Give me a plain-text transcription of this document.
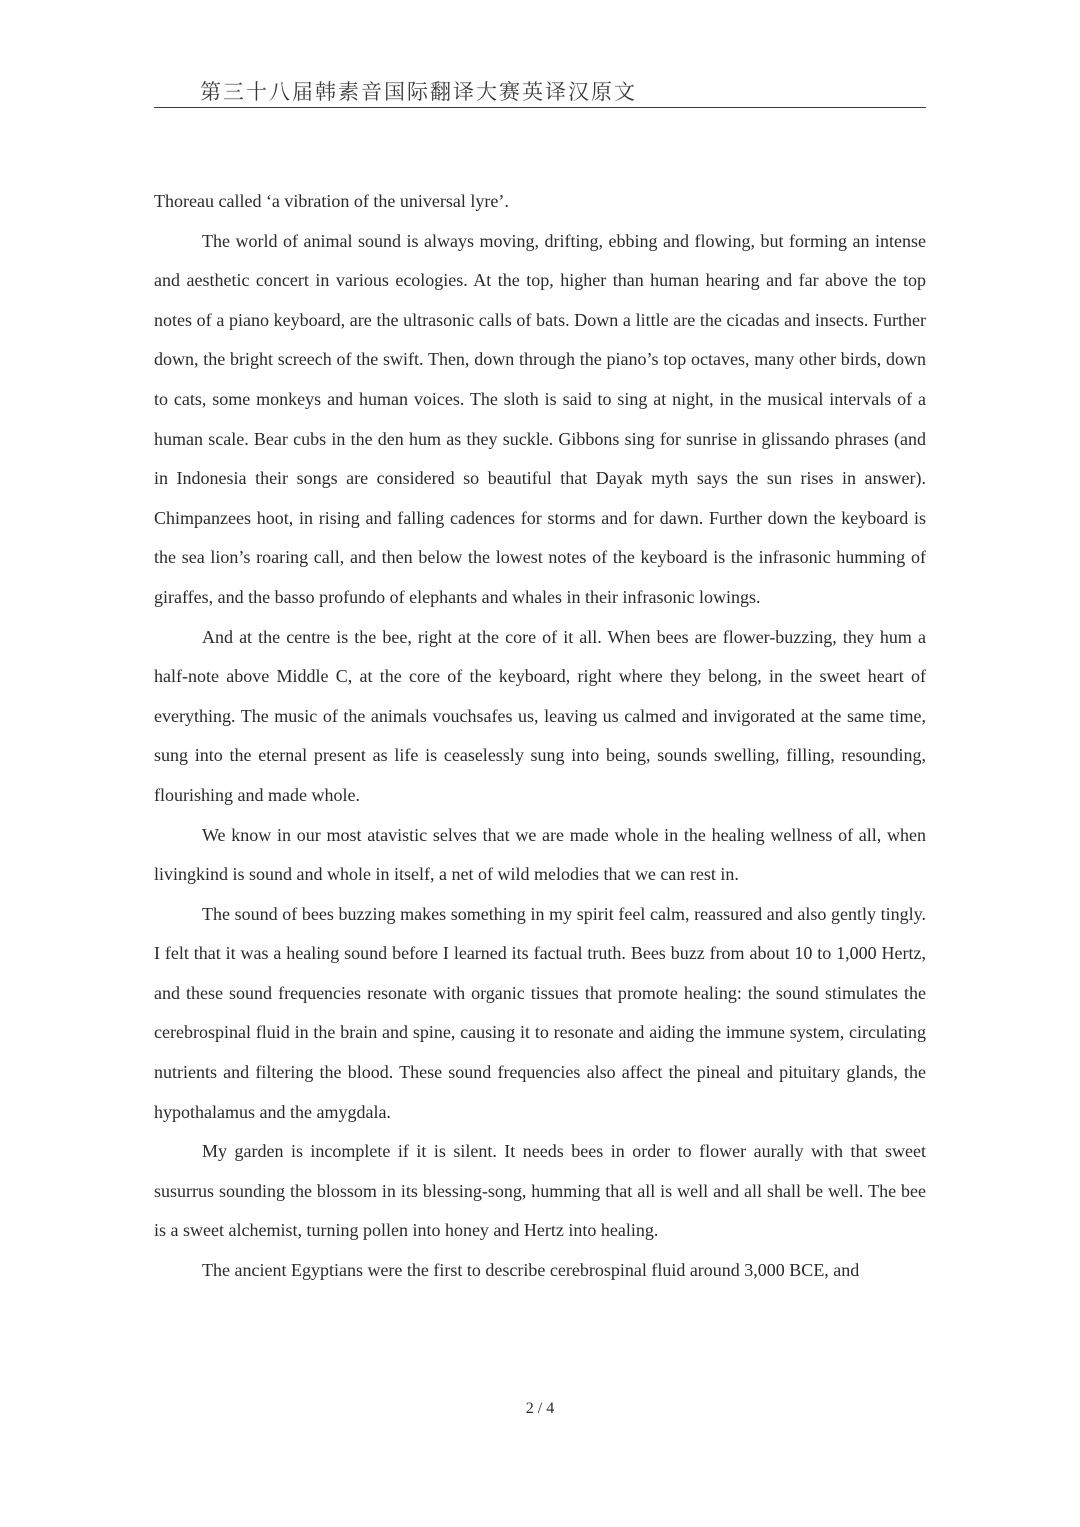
第三十八届韩素音国际翻译大赛英译汉原文

Thoreau called ‘a vibration of the universal lyre’.

The world of animal sound is always moving, drifting, ebbing and flowing, but forming an intense and aesthetic concert in various ecologies. At the top, higher than human hearing and far above the top notes of a piano keyboard, are the ultrasonic calls of bats. Down a little are the cicadas and insects. Further down, the bright screech of the swift. Then, down through the piano’s top octaves, many other birds, down to cats, some monkeys and human voices. The sloth is said to sing at night, in the musical intervals of a human scale. Bear cubs in the den hum as they suckle. Gibbons sing for sunrise in glissando phrases (and in Indonesia their songs are considered so beautiful that Dayak myth says the sun rises in answer). Chimpanzees hoot, in rising and falling cadences for storms and for dawn. Further down the keyboard is the sea lion’s roaring call, and then below the lowest notes of the keyboard is the infrasonic humming of giraffes, and the basso profundo of elephants and whales in their infrasonic lowings.

And at the centre is the bee, right at the core of it all. When bees are flower-buzzing, they hum a half-note above Middle C, at the core of the keyboard, right where they belong, in the sweet heart of everything. The music of the animals vouchsafes us, leaving us calmed and invigorated at the same time, sung into the eternal present as life is ceaselessly sung into being, sounds swelling, filling, resounding, flourishing and made whole.

We know in our most atavistic selves that we are made whole in the healing wellness of all, when livingkind is sound and whole in itself, a net of wild melodies that we can rest in.

The sound of bees buzzing makes something in my spirit feel calm, reassured and also gently tingly. I felt that it was a healing sound before I learned its factual truth. Bees buzz from about 10 to 1,000 Hertz, and these sound frequencies resonate with organic tissues that promote healing: the sound stimulates the cerebrospinal fluid in the brain and spine, causing it to resonate and aiding the immune system, circulating nutrients and filtering the blood. These sound frequencies also affect the pineal and pituitary glands, the hypothalamus and the amygdala.

My garden is incomplete if it is silent. It needs bees in order to flower aurally with that sweet susurrus sounding the blossom in its blessing-song, humming that all is well and all shall be well. The bee is a sweet alchemist, turning pollen into honey and Hertz into healing.

The ancient Egyptians were the first to describe cerebrospinal fluid around 3,000 BCE, and

2 / 4
